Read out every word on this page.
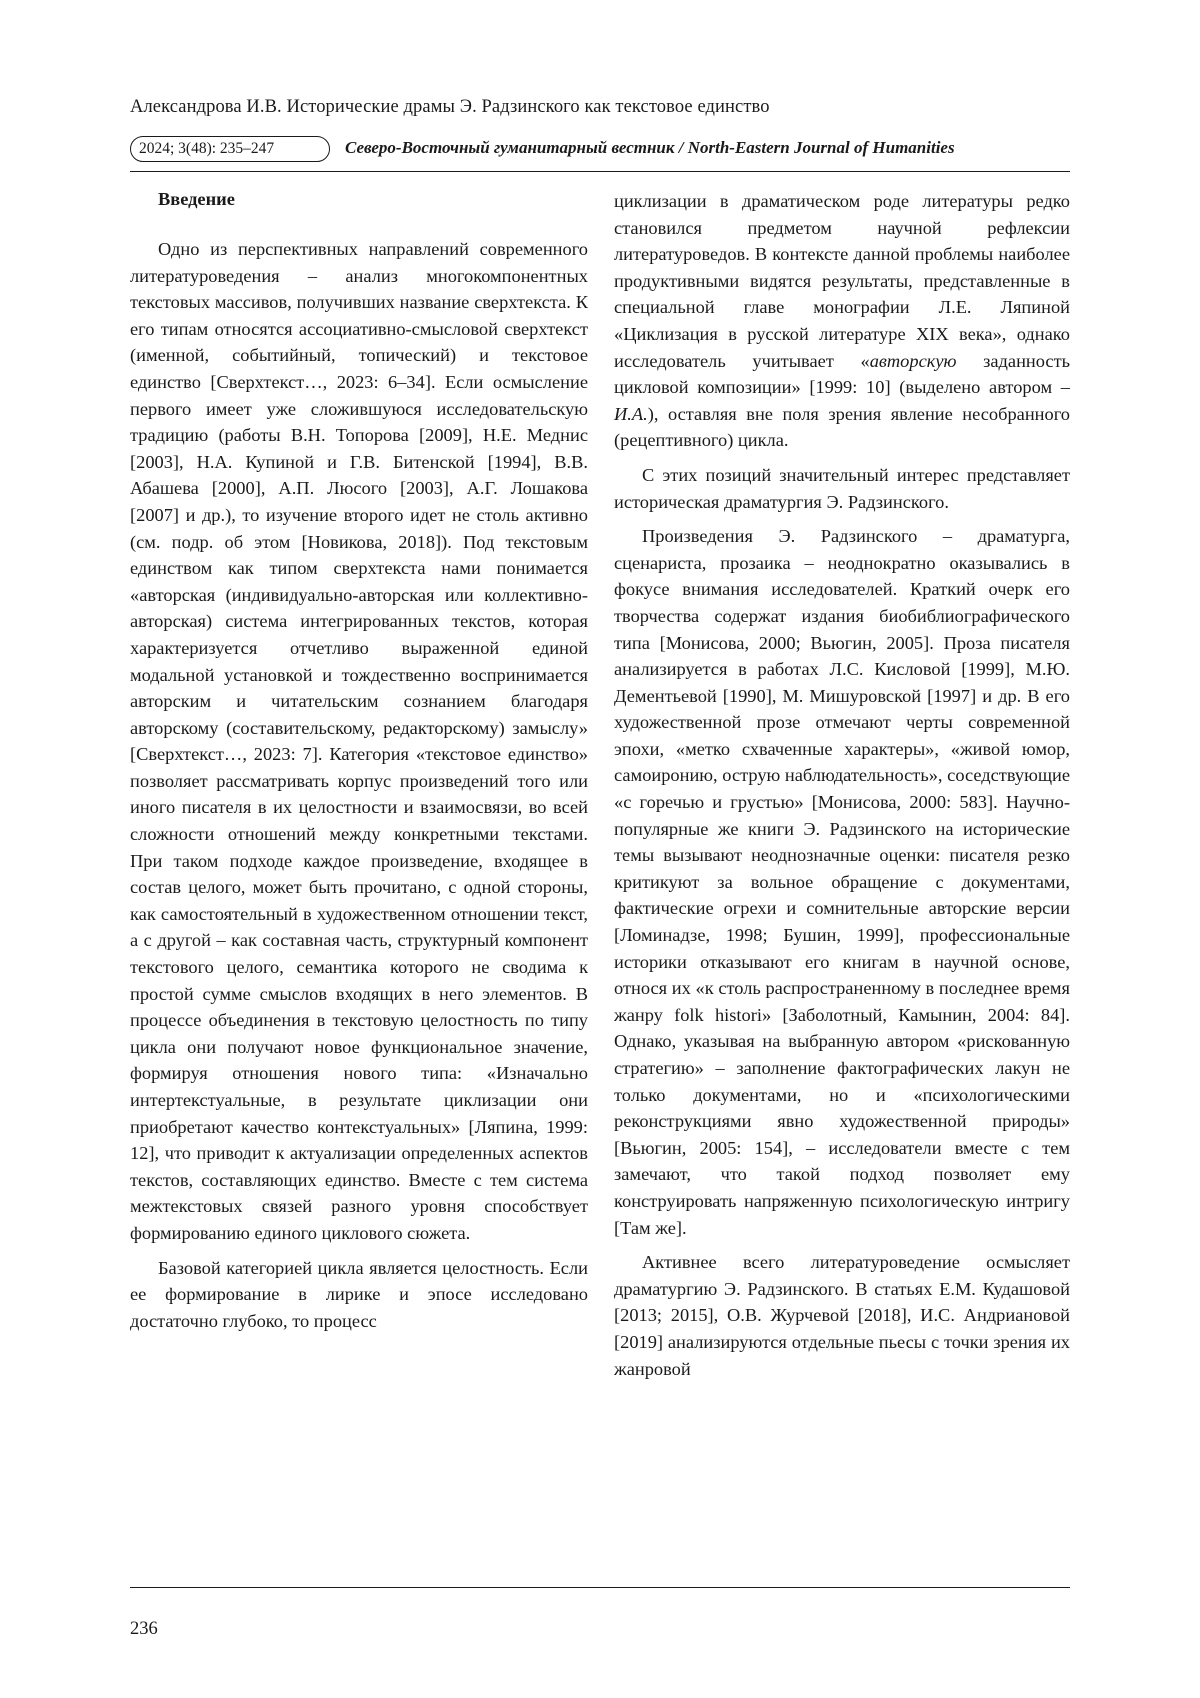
Александрова И.В. Исторические драмы Э. Радзинского как текстовое единство
2024; 3(48): 235–247	Северо-Восточный гуманитарный вестник / North-Eastern Journal of Humanities
Введение

Одно из перспективных направлений современного литературоведения – анализ многокомпонентных текстовых массивов, получивших название сверхтекста. К его типам относятся ассоциативно-смысловой сверхтекст (именной, событийный, топический) и текстовое единство [Сверхтекст…, 2023: 6–34]. Если осмысление первого имеет уже сложившуюся исследовательскую традицию (работы В.Н. Топорова [2009], Н.Е. Меднис [2003], Н.А. Купиной и Г.В. Битенской [1994], В.В. Абашева [2000], А.П. Люсого [2003], А.Г. Лошакова [2007] и др.), то изучение второго идет не столь активно (см. подр. об этом [Новикова, 2018]). Под текстовым единством как типом сверхтекста нами понимается «авторская (индивидуально-авторская или коллективно-авторская) система интегрированных текстов, которая характеризуется отчетливо выраженной единой модальной установкой и тождественно воспринимается авторским и читательским сознанием благодаря авторскому (составительскому, редакторскому) замыслу» [Сверхтекст…, 2023: 7]. Категория «текстовое единство» позволяет рассматривать корпус произведений того или иного писателя в их целостности и взаимосвязи, во всей сложности отношений между конкретными текстами. При таком подходе каждое произведение, входящее в состав целого, может быть прочитано, с одной стороны, как самостоятельный в художественном отношении текст, а с другой – как составная часть, структурный компонент текстового целого, семантика которого не сводима к простой сумме смыслов входящих в него элементов. В процессе объединения в текстовую целостность по типу цикла они получают новое функциональное значение, формируя отношения нового типа: «Изначально интертекстуальные, в результате циклизации они приобретают качество контекстуальных» [Ляпина, 1999: 12], что приводит к актуализации определенных аспектов текстов, составляющих единство. Вместе с тем система межтекстовых связей разного уровня способствует формированию единого циклового сюжета.

Базовой категорией цикла является целостность. Если ее формирование в лирике и эпосе исследовано достаточно глубоко, то процесс

циклизации в драматическом роде литературы редко становился предметом научной рефлексии литературоведов. В контексте данной проблемы наиболее продуктивными видятся результаты, представленные в специальной главе монографии Л.Е. Ляпиной «Циклизация в русской литературе XIX века», однако исследователь учитывает «авторскую заданность цикловой композиции» [1999: 10] (выделено автором – И.А.), оставляя вне поля зрения явление несобранного (рецептивного) цикла.

С этих позиций значительный интерес представляет историческая драматургия Э. Радзинского.

Произведения Э. Радзинского – драматурга, сценариста, прозаика – неоднократно оказывались в фокусе внимания исследователей. Краткий очерк его творчества содержат издания биобиблиографического типа [Монисова, 2000; Вьюгин, 2005]. Проза писателя анализируется в работах Л.С. Кисловой [1999], М.Ю. Дементьевой [1990], М. Мишуровской [1997] и др. В его художественной прозе отмечают черты современной эпохи, «метко схваченные характеры», «живой юмор, самоиронию, острую наблюдательность», соседствующие «с горечью и грустью» [Монисова, 2000: 583]. Научно-популярные же книги Э. Радзинского на исторические темы вызывают неоднозначные оценки: писателя резко критикуют за вольное обращение с документами, фактические огрехи и сомнительные авторские версии [Ломинадзе, 1998; Бушин, 1999], профессиональные историки отказывают его книгам в научной основе, относя их «к столь распространенному в последнее время жанру folk histori» [Заболотный, Камынин, 2004: 84]. Однако, указывая на выбранную автором «рискованную стратегию» – заполнение фактографических лакун не только документами, но и «психологическими реконструкциями явно художественной природы» [Вьюгин, 2005: 154], – исследователи вместе с тем замечают, что такой подход позволяет ему конструировать напряженную психологическую интригу [Там же].

Активнее всего литературоведение осмысляет драматургию Э. Радзинского. В статьях Е.М. Кудашовой [2013; 2015], О.В. Журчевой [2018], И.С. Андриановой [2019] анализируются отдельные пьесы с точки зрения их жанровой

236
